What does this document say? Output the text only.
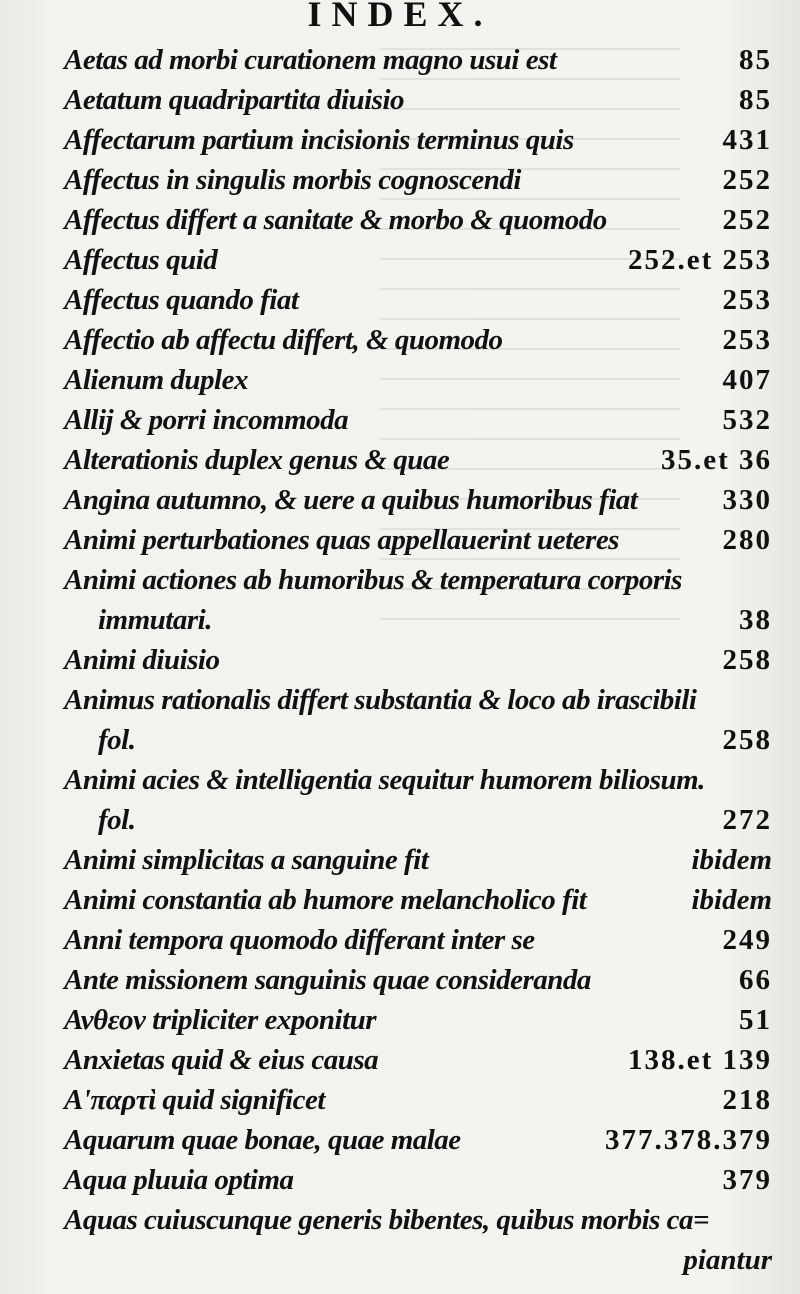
INDEX.
Aetas ad morbi curationem magno usui est	85
Aetatum quadripartita diuisio	85
Affectarum partium incisionis terminus quis	431
Affectus in singulis morbis cognoscendi	252
Affectus differt a sanitate & morbo & quomodo	252
Affectus quid	252.et 253
Affectus quando fiat	253
Affectio ab affectu differt, & quomodo	253
Alienum duplex	407
Allij & porri incommoda	532
Alterationis duplex genus & quae	35.et 36
Angina autumno, & uere a quibus humoribus fiat	330
Animi perturbationes quas appellauerint ueteres	280
Animi actiones ab humoribus & temperatura corporis
immutari.	38
Animi diuisio	258
Animus rationalis differt substantia & loco ab irascibili
fol.	258
Animi acies & intelligentia sequitur humorem biliosum.
fol.	272
Animi simplicitas a sanguine fit	ibidem
Animi constantia ab humore melancholico fit	ibidem
Anni tempora quomodo differant inter se	249
Ante missionem sanguinis quae consideranda	66
Ανθεον tripliciter exponitur	51
Anxietas quid & eius causa	138.et 139
Α'παρτὶ quid significet	218
Aquarum quae bonae, quae malae	377.378.379
Aqua pluuia optima	379
Aquas cuiuscunque generis bibentes, quibus morbis ca=
piantur
